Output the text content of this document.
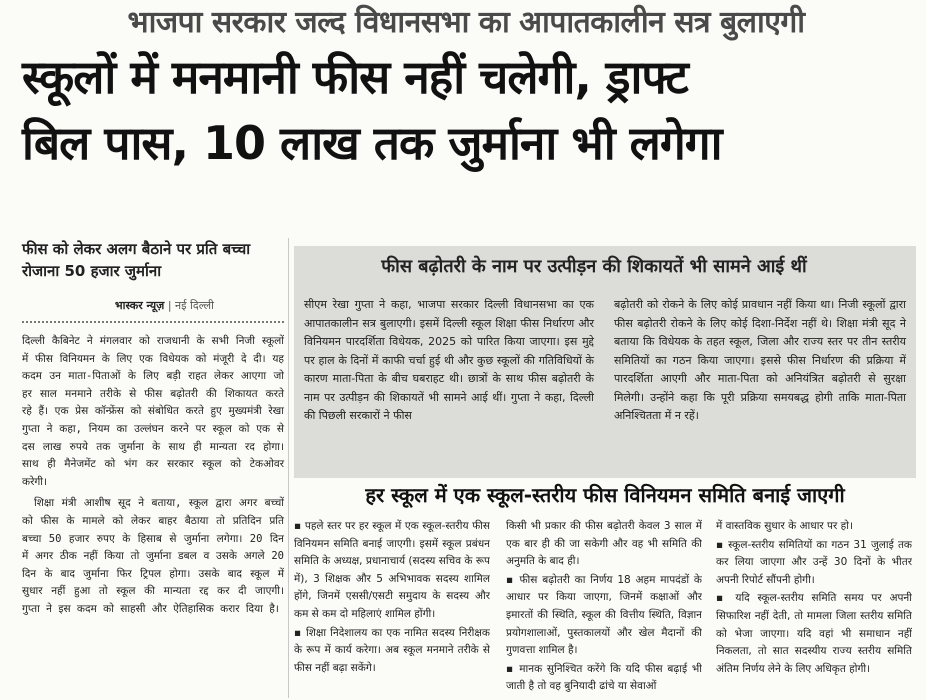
भाजपा सरकार जल्द विधानसभा का आपातकालीन सत्र बुलाएगी
स्कूलों में मनमानी फीस नहीं चलेगी, ड्राफ्ट
बिल पास, 10 लाख तक जुर्माना भी लगेगा
फीस को लेकर अलग बैठाने पर प्रति बच्चा रोजाना 50 हजार जुर्माना
भास्कर न्यूज़ | नई दिल्ली

दिल्ली कैबिनेट ने मंगलवार को राजधानी के सभी निजी स्कूलों में फीस विनियमन के लिए एक विधेयक को मंजूरी दे दी। यह कदम उन माता-पिताओं के लिए बड़ी राहत लेकर आएगा जो हर साल मनमाने तरीके से फीस बढ़ोतरी की शिकायत करते रहे हैं। एक प्रेस कॉन्फ्रेंस को संबोधित करते हुए मुख्यमंत्री रेखा गुप्ता ने कहा, नियम का उल्लंघन करने पर स्कूल को एक से दस लाख रुपये तक जुर्माना के साथ ही मान्यता रद होगा। साथ ही मैनेजमेंट को भंग कर सरकार स्कूल को टेकओवर करेगी।

शिक्षा मंत्री आशीष सूद ने बताया, स्कूल द्वारा अगर बच्चों को फीस के मामले को लेकर बाहर बैठाया तो प्रतिदिन प्रति बच्चा 50 हजार रुपए के हिसाब से जुर्माना लगेगा। 20 दिन में अगर ठीक नहीं किया तो जुर्माना डबल व उसके अगले 20 दिन के बाद जुर्माना फिर ट्रिपल होगा। उसके बाद स्कूल में सुधार नहीं हुआ तो स्कूल की मान्यता रद्द कर दी जाएगी। गुप्ता ने इस कदम को साहसी और ऐतिहासिक करार दिया है।

फीस बढ़ोतरी के नाम पर उत्पीड़न की शिकायतें भी सामने आई थीं
सीएम रेखा गुप्ता ने कहा, भाजपा सरकार दिल्ली विधानसभा का एक आपातकालीन सत्र बुलाएगी। इसमें दिल्ली स्कूल शिक्षा फीस निर्धारण और विनियमन पारदर्शिता विधेयक, 2025 को पारित किया जाएगा। इस मुद्दे पर हाल के दिनों में काफी चर्चा हुई थी और कुछ स्कूलों की गतिविधियों के कारण माता-पिता के बीच घबराहट थी। छात्रों के साथ फीस बढ़ोतरी के नाम पर उत्पीड़न की शिकायतें भी सामने आई थीं। गुप्ता ने कहा, दिल्ली की पिछली सरकारों ने फीस
बढ़ोतरी को रोकने के लिए कोई प्रावधान नहीं किया था। निजी स्कूलों द्वारा फीस बढ़ोतरी रोकने के लिए कोई दिशा-निर्देश नहीं थे। शिक्षा मंत्री सूद ने बताया कि विधेयक के तहत स्कूल, जिला और राज्य स्तर पर तीन स्तरीय समितियों का गठन किया जाएगा। इससे फीस निर्धारण की प्रक्रिया में पारदर्शिता आएगी और माता-पिता को अनियंत्रित बढ़ोतरी से सुरक्षा मिलेगी। उन्होंने कहा कि पूरी प्रक्रिया समयबद्ध होगी ताकि माता-पिता अनिश्चितता में न रहें।
हर स्कूल में एक स्कूल-स्तरीय फीस विनियमन समिति बनाई जाएगी
▪ पहले स्तर पर हर स्कूल में एक स्कूल-स्तरीय फीस विनियमन समिति बनाई जाएगी। इसमें स्कूल प्रबंधन समिति के अध्यक्ष, प्रधानाचार्य (सदस्य सचिव के रूप में), 3 शिक्षक और 5 अभिभावक सदस्य शामिल होंगे, जिनमें एससी/एसटी समुदाय के सदस्य और कम से कम दो महिलाएं शामिल होंगी।
▪ शिक्षा निदेशालय का एक नामित सदस्य निरीक्षक के रूप में कार्य करेगा। अब स्कूल मनमाने तरीके से फीस नहीं बढ़ा सकेंगे।
किसी भी प्रकार की फीस बढ़ोतरी केवल 3 साल में एक बार ही की जा सकेगी और वह भी समिति की अनुमति के बाद ही।
▪ फीस बढ़ोतरी का निर्णय 18 अहम मापदंडों के आधार पर किया जाएगा, जिनमें कक्षाओं और इमारतों की स्थिति, स्कूल की वित्तीय स्थिति, विज्ञान प्रयोगशालाओं, पुस्तकालयों और खेल मैदानों की गुणवत्ता शामिल है।
▪ मानक सुनिश्चित करेंगे कि यदि फीस बढ़ाई भी जाती है तो वह बुनियादी ढांचे या सेवाओं
में वास्तविक सुधार के आधार पर हो।
▪ स्कूल-स्तरीय समितियों का गठन 31 जुलाई तक कर लिया जाएगा और उन्हें 30 दिनों के भीतर अपनी रिपोर्ट सौंपनी होगी।
▪ यदि स्कूल-स्तरीय समिति समय पर अपनी सिफारिश नहीं देती, तो मामला जिला स्तरीय समिति को भेजा जाएगा। यदि वहां भी समाधान नहीं निकलता, तो सात सदस्यीय राज्य स्तरीय समिति अंतिम निर्णय लेने के लिए अधिकृत होगी।
